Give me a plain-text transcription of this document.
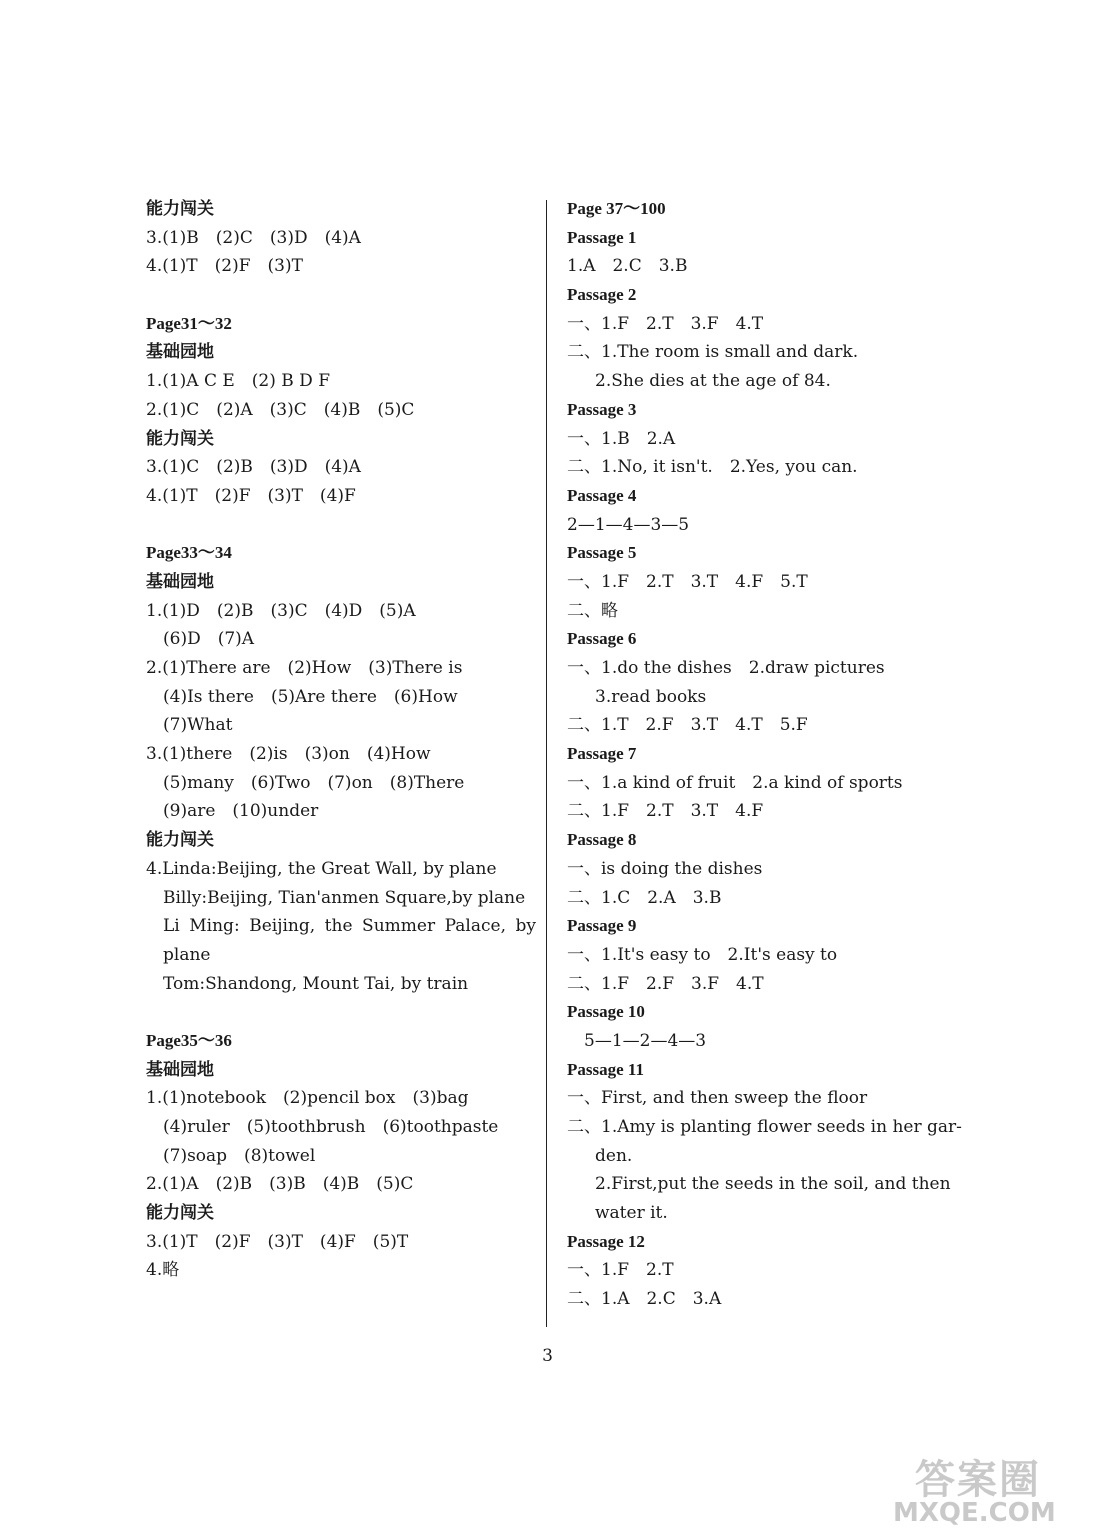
能力闯关
3.(1)B　(2)C　(3)D　(4)A
4.(1)T　(2)F　(3)T
Page31～32
基础园地
1.(1)A C E　(2) B D F
2.(1)C　(2)A　(3)C　(4)B　(5)C
能力闯关
3.(1)C　(2)B　(3)D　(4)A
4.(1)T　(2)F　(3)T　(4)F
Page33～34
基础园地
1.(1)D　(2)B　(3)C　(4)D　(5)A
(6)D　(7)A
2.(1)There are　(2)How　(3)There is
(4)Is there　(5)Are there　(6)How
(7)What
3.(1)there　(2)is　(3)on　(4)How
(5)many　(6)Two　(7)on　(8)There
(9)are　(10)under
能力闯关
4.Linda:Beijing, the Great Wall, by plane
Billy:Beijing, Tian'anmen Square,by plane
Li Ming: Beijing, the Summer Palace, by
plane
Tom:Shandong, Mount Tai, by train
Page35～36
基础园地
1.(1)notebook　(2)pencil box　(3)bag
(4)ruler　(5)toothbrush　(6)toothpaste
(7)soap　(8)towel
2.(1)A　(2)B　(3)B　(4)B　(5)C
能力闯关
3.(1)T　(2)F　(3)T　(4)F　(5)T
4.略
Page 37～100
Passage 1
1.A　2.C　3.B
Passage 2
一、1.F　2.T　3.F　4.T
二、1.The room is small and dark.
2.She dies at the age of 84.
Passage 3
一、1.B　2.A
二、1.No, it isn't.　2.Yes, you can.
Passage 4
2—1—4—3—5
Passage 5
一、1.F　2.T　3.T　4.F　5.T
二、略
Passage 6
一、1.do the dishes　2.draw pictures
3.read books
二、1.T　2.F　3.T　4.T　5.F
Passage 7
一、1.a kind of fruit　2.a kind of sports
二、1.F　2.T　3.T　4.F
Passage 8
一、is doing the dishes
二、1.C　2.A　3.B
Passage 9
一、1.It's easy to　2.It's easy to
二、1.F　2.F　3.F　4.T
Passage 10
5—1—2—4—3
Passage 11
一、First, and then sweep the floor
二、1.Amy is planting flower seeds in her gar-
den.
2.First,put the seeds in the soil, and then
water it.
Passage 12
一、1.F　2.T
二、1.A　2.C　3.A
3
答案圈
MXQE.COM
